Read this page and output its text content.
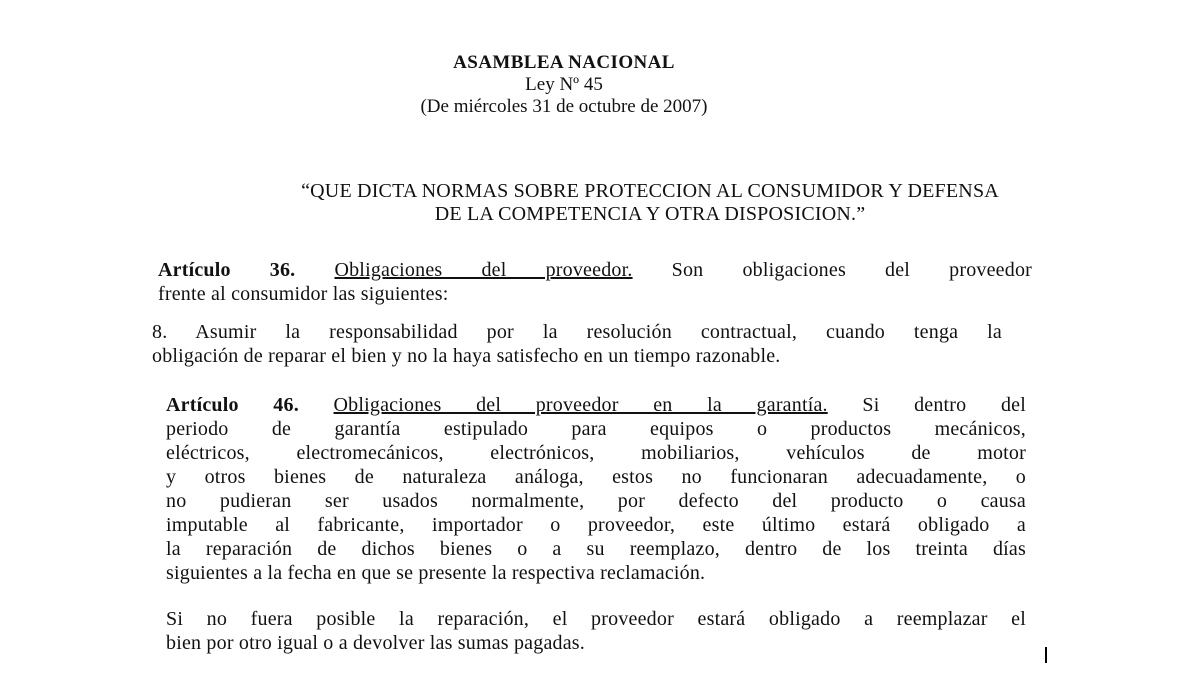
ASAMBLEA NACIONAL
Ley Nº 45
(De miércoles 31 de octubre de 2007)
“QUE DICTA NORMAS SOBRE PROTECCION AL CONSUMIDOR Y DEFENSA
DE LA COMPETENCIA Y OTRA DISPOSICION.”
Artículo 36. Obligaciones del proveedor. Son obligaciones del proveedor
frente al consumidor las siguientes:
8. Asumir la responsabilidad por la resolución contractual, cuando tenga la
obligación de reparar el bien y no la haya satisfecho en un tiempo razonable.
Artículo 46. Obligaciones del proveedor en la garantía. Si dentro del
periodo de garantía estipulado para equipos o productos mecánicos,
eléctricos, electromecánicos, electrónicos, mobiliarios, vehículos de motor
y otros bienes de naturaleza análoga, estos no funcionaran adecuadamente, o
no pudieran ser usados normalmente, por defecto del producto o causa
imputable al fabricante, importador o proveedor, este último estará obligado a
la reparación de dichos bienes o a su reemplazo, dentro de los treinta días
siguientes a la fecha en que se presente la respectiva reclamación.
Si no fuera posible la reparación, el proveedor estará obligado a reemplazar el
bien por otro igual o a devolver las sumas pagadas.
